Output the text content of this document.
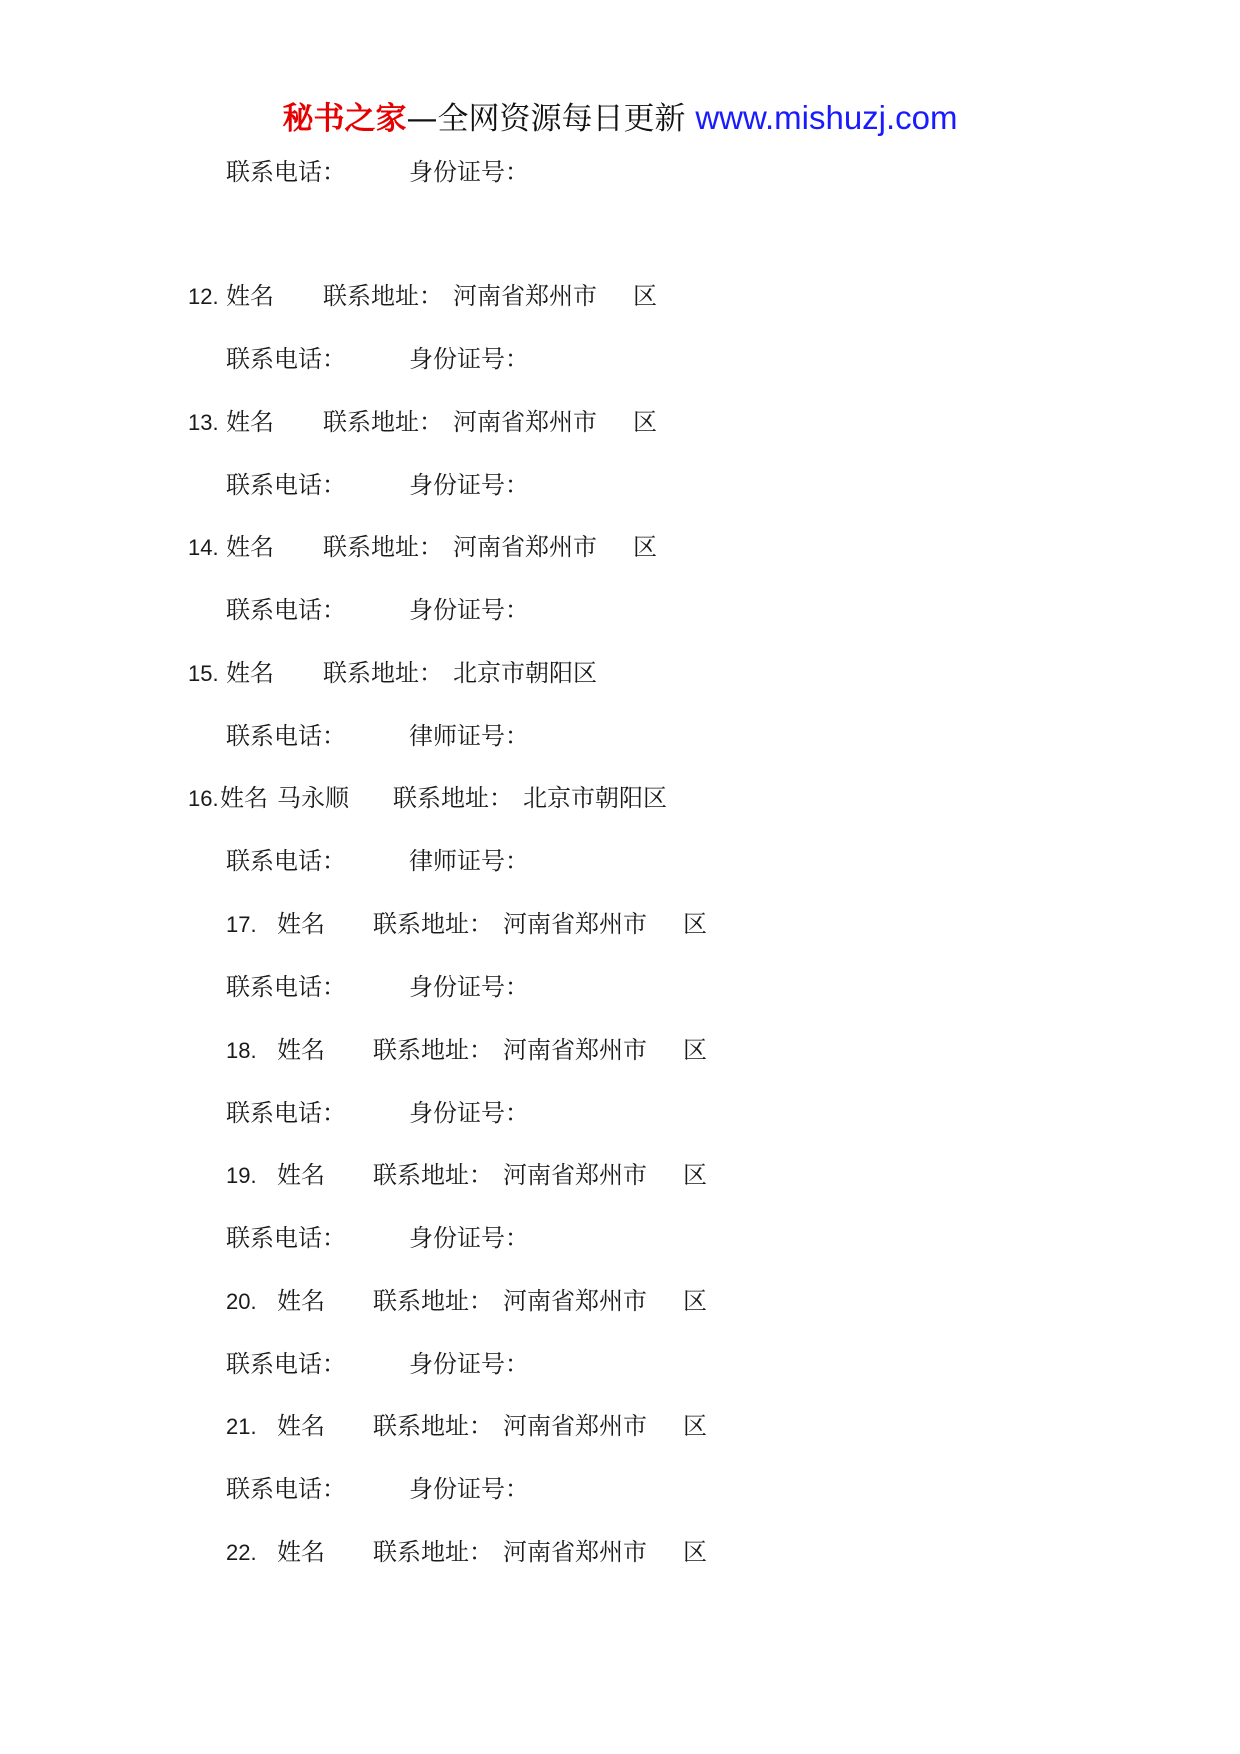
秘书之家—全网资源每日更新 www.mishuzj.com
联系电话：	身份证号：
12. 姓名 联系地址： 河南省郑州市 区
联系电话：	身份证号：
13. 姓名 联系地址： 河南省郑州市 区
联系电话：	身份证号：
14. 姓名 联系地址： 河南省郑州市 区
联系电话：	身份证号：
15. 姓名 联系地址： 北京市朝阳区
联系电话：	律师证号：
16. 姓名 马永顺 联系地址： 北京市朝阳区
联系电话：	律师证号：
17. 姓名 联系地址： 河南省郑州市 区
联系电话：	身份证号：
18. 姓名 联系地址： 河南省郑州市 区
联系电话：	身份证号：
19. 姓名 联系地址： 河南省郑州市 区
联系电话：	身份证号：
20. 姓名 联系地址： 河南省郑州市 区
联系电话：	身份证号：
21. 姓名 联系地址： 河南省郑州市 区
联系电话：	身份证号：
22. 姓名 联系地址： 河南省郑州市 区
